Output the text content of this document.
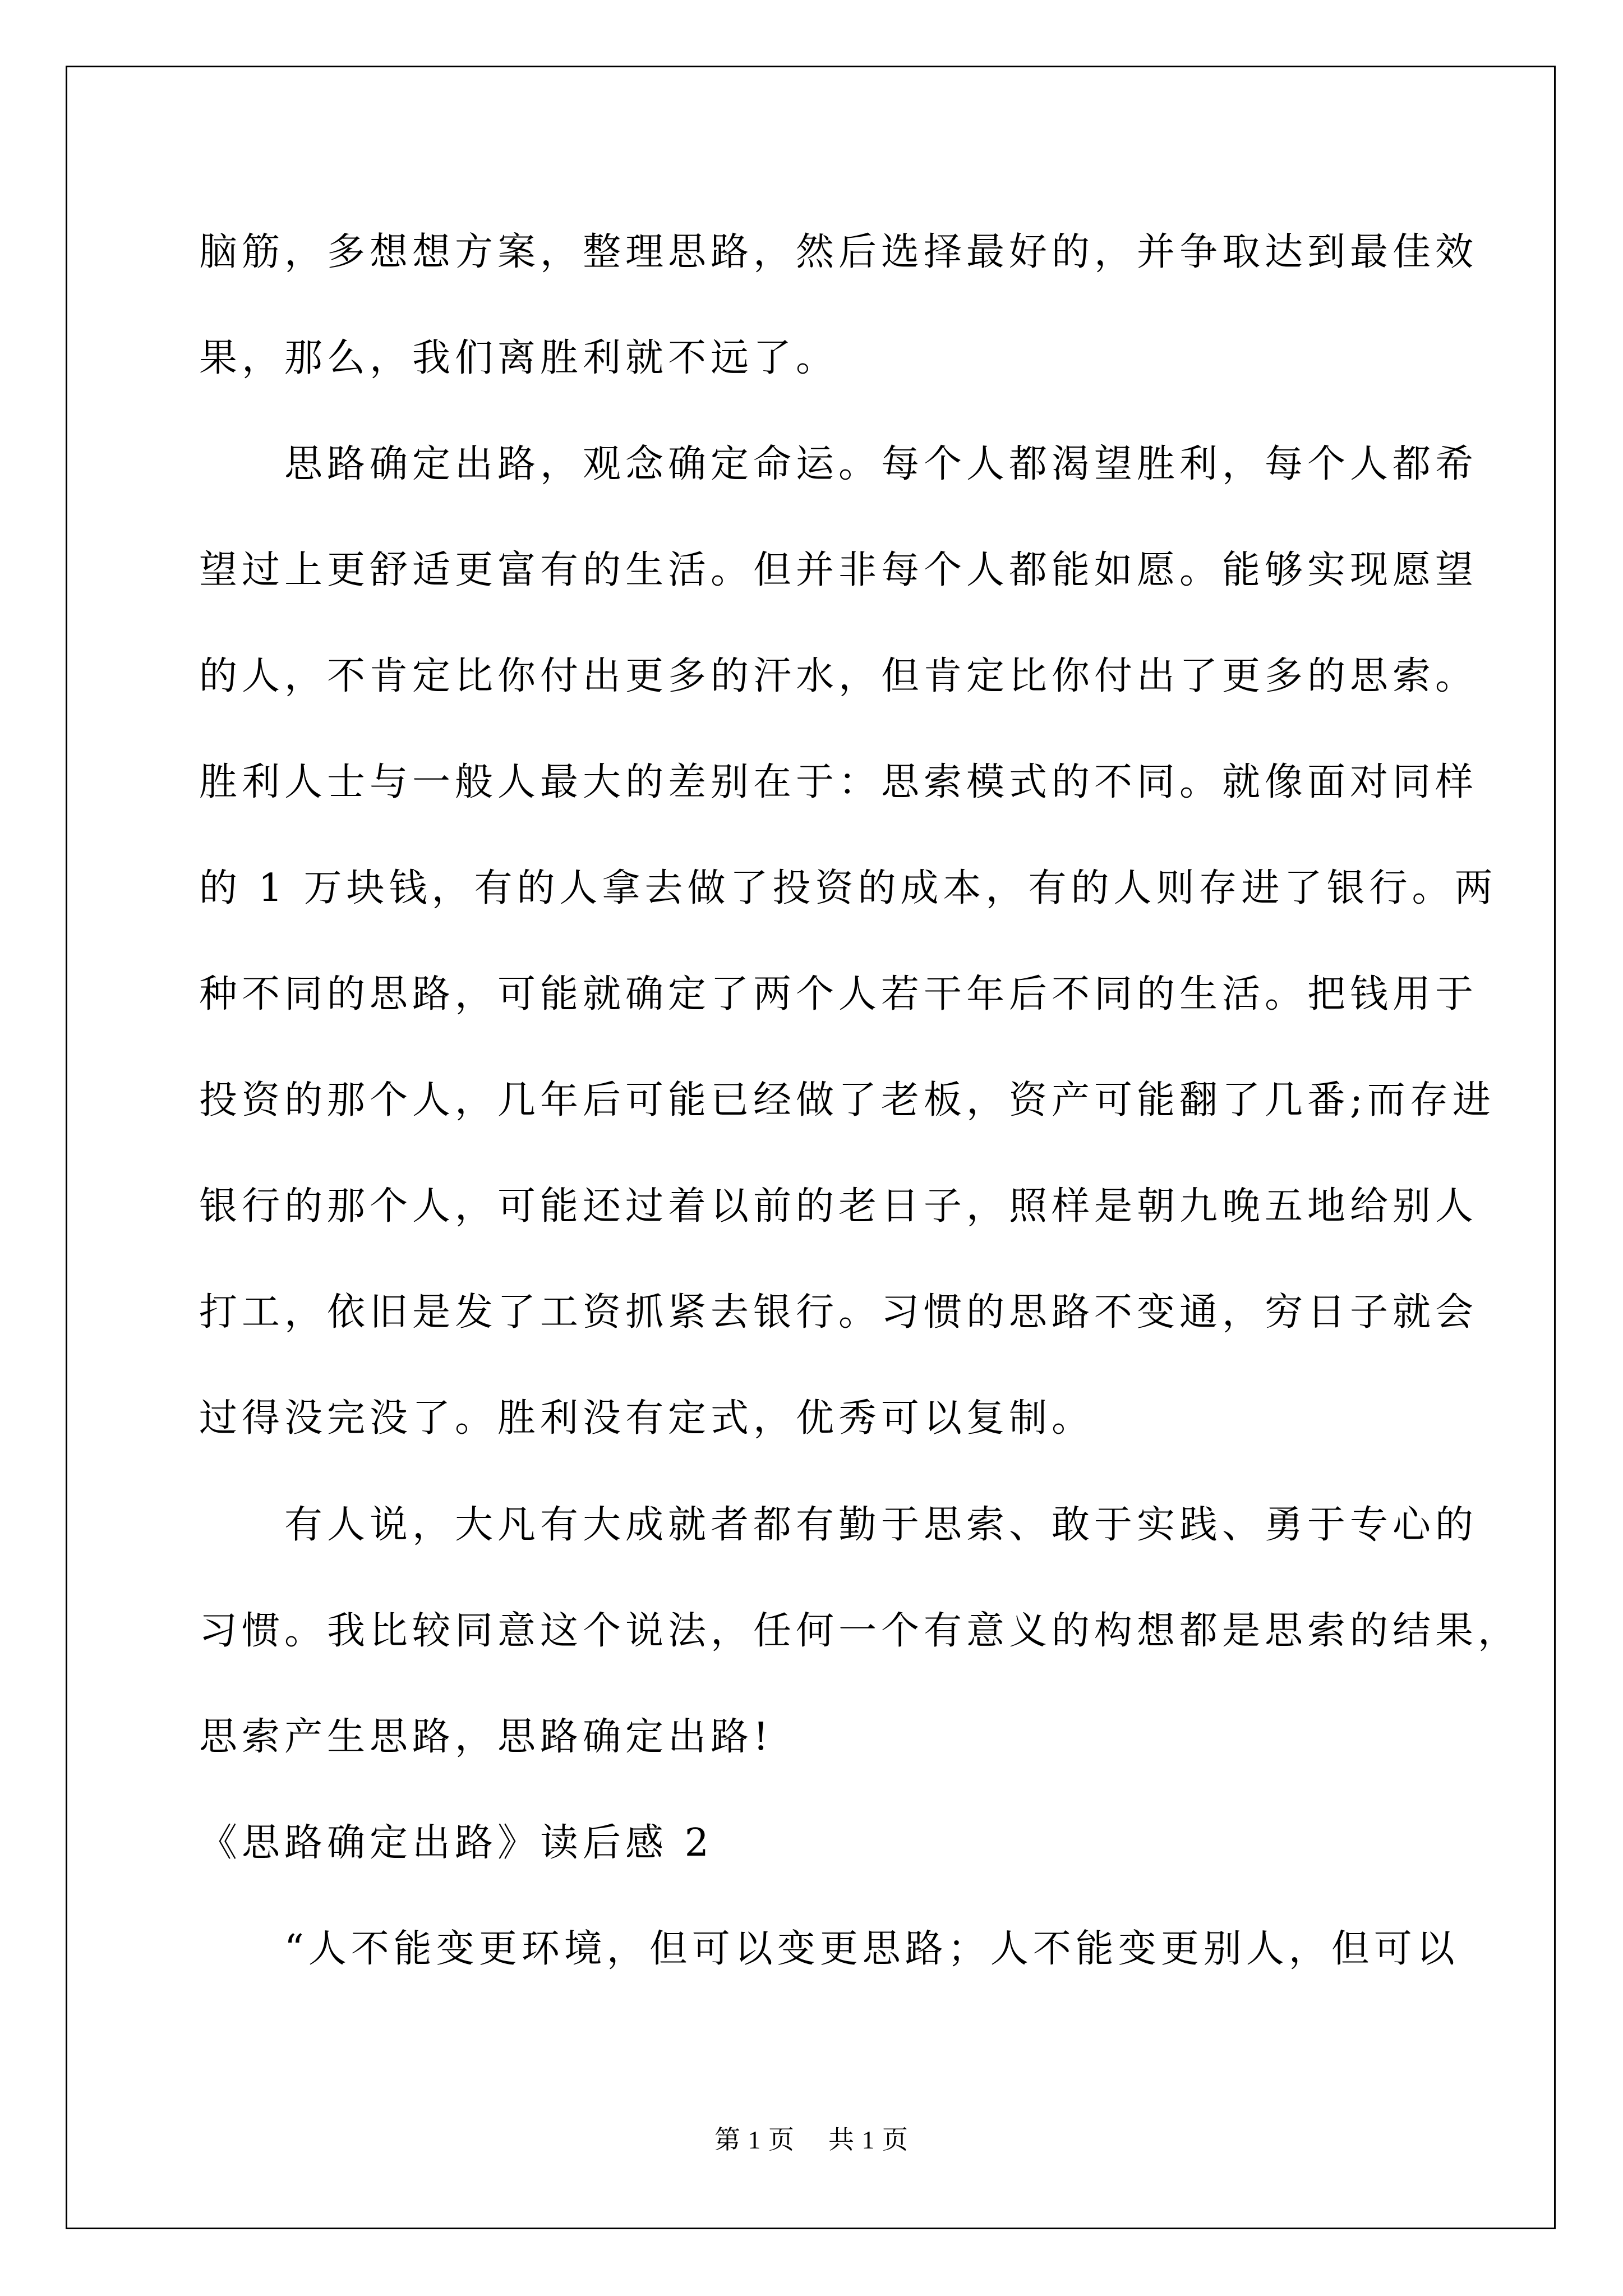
脑筋，多想想方案，整理思路，然后选择最好的，并争取达到最佳效
果，那么，我们离胜利就不远了。
　　思路确定出路，观念确定命运。每个人都渴望胜利，每个人都希
望过上更舒适更富有的生活。但并非每个人都能如愿。能够实现愿望
的人，不肯定比你付出更多的汗水，但肯定比你付出了更多的思索。
胜利人士与一般人最大的差别在于：思索模式的不同。就像面对同样
的 1 万块钱，有的人拿去做了投资的成本，有的人则存进了银行。两
种不同的思路，可能就确定了两个人若干年后不同的生活。把钱用于
投资的那个人，几年后可能已经做了老板，资产可能翻了几番;而存进
银行的那个人，可能还过着以前的老日子，照样是朝九晚五地给别人
打工，依旧是发了工资抓紧去银行。习惯的思路不变通，穷日子就会
过得没完没了。胜利没有定式，优秀可以复制。
　　有人说，大凡有大成就者都有勤于思索、敢于实践、勇于专心的
习惯。我比较同意这个说法，任何一个有意义的构想都是思索的结果，
思索产生思路，思路确定出路!
《思路确定出路》读后感 2
　　“人不能变更环境，但可以变更思路；人不能变更别人，但可以
第 1 页 共 1 页
